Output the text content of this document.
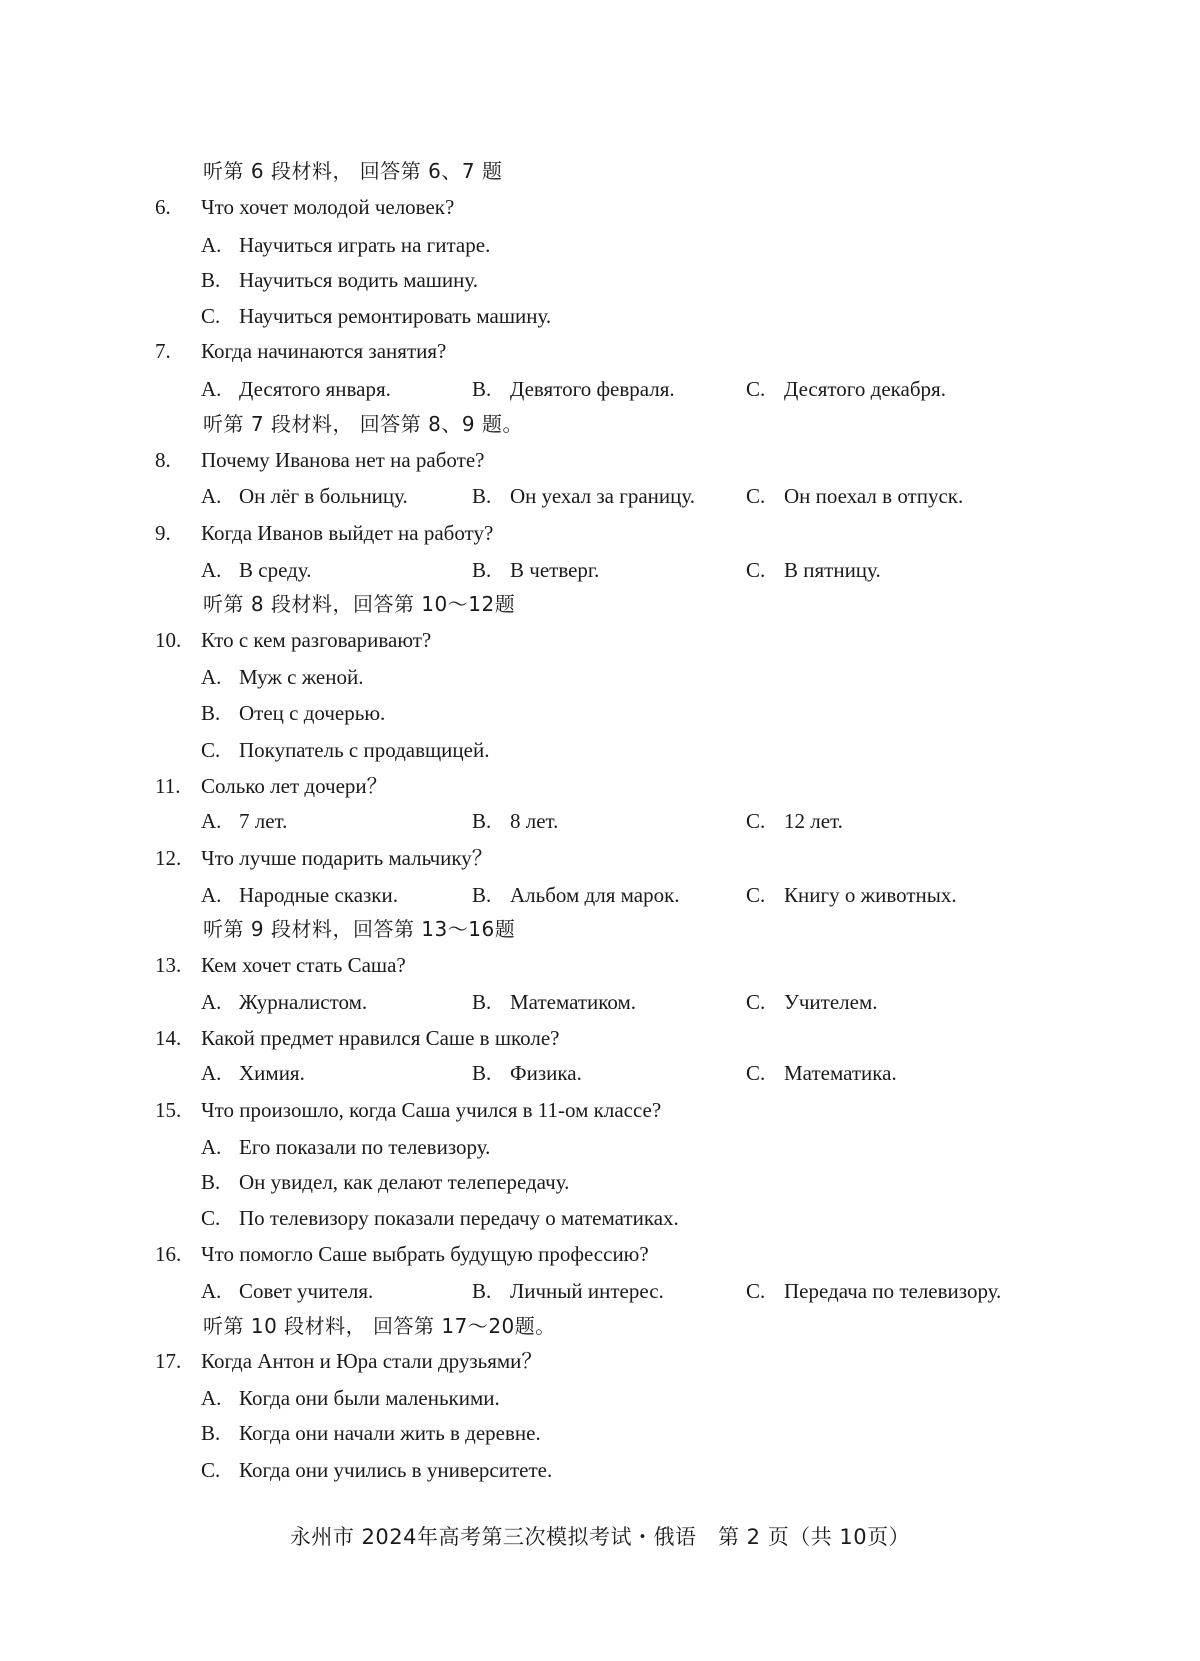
听第 6 段材料， 回答第 6、7 题
6.	Что хочет молодой человек?
A. Научиться играть на гитаре.
B. Научиться водить машину.
C. Научиться ремонтировать машину.
7.	Когда начинаются занятия?
A. Десятого января.	B. Девятого февраля.	C. Десятого декабря.
听第 7 段材料， 回答第 8、9 题。
8.	Почему Иванова нет на работе?
A. Он лёг в больницу.	B. Он уехал за границу. C. Он поехал в отпуск.
9.	Когда Иванов выйдет на работу?
A. В среду.	B. В четверг.	C. В пятницу.
听第 8 段材料，回答第 10～12题
10. Кто с кем разговаривают?
A. Муж с женой.
B. Отец с дочерью.
C. Покупатель с продавщицей.
11. Солько лет дочери？
A. 7 лет.	B. 8 лет.	C. 12 лет.
12. Что лучше подарить мальчику？
A. Народные сказки.	B. Альбом для марок.	C. Книгу о животных.
听第 9 段材料，回答第 13～16题
13. Кем хочет стать Саша?
A. Журналистом.	B. Математиком.	C. Учителем.
14. Какой предмет нравился Саше в школе?
A. Химия.	B. Физика.	C. Математика.
15. Что произошло, когда Саша учился в 11-ом классе?
A. Его показали по телевизору.
B. Он увидел, как делают телепередачу.
C. По телевизору показали передачу о математиках.
16. Что помогло Саше выбрать будущую профессию?
A. Совет учителя.	B. Личный интерес.	C. Передача по телевизору.
听第 10 段材料， 回答第 17～20题。
17. Когда Антон и Юра стали друзьями？
A. Когда они были маленькими.
B. Когда они начали жить в деревне.
C. Когда они учились в университете.
永州市 2024年高考第三次模拟考试・俄语　第 2 页（共 10页）
